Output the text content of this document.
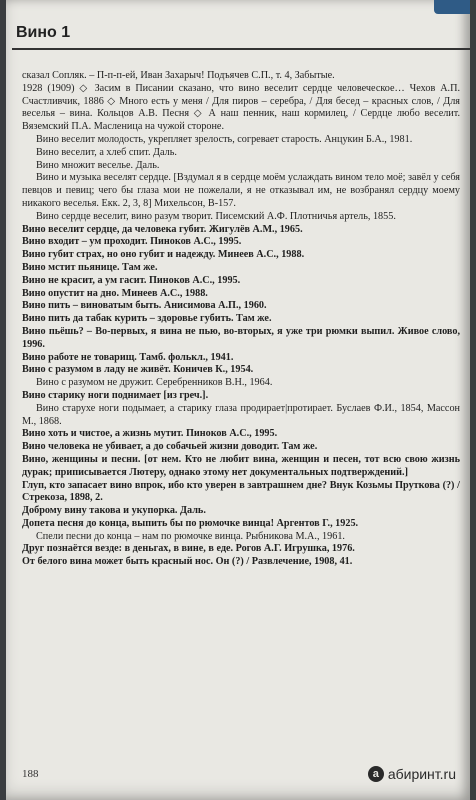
Вино 1

сказал Сопляк. – П-п-п-ей, Иван Захарыч! Подъячев С.П., т. 4, Забытые.

1928 (1909) ◇ Засим в Писании сказано, что вино веселит сердце человеческое… Чехов А.П. Счастливчик, 1886 ◇ Много есть у меня / Для пиров – серебра, / Для бесед – красных слов, / Для веселья – вина. Кольцов А.В. Песня ◇ А наш пенник, наш кормилец, / Сердце любо веселит. Вяземский П.А. Масленица на чужой стороне.

Вино веселит молодость, укрепляет зрелость, согревает старость. Анцукин Б.А., 1981.

Вино веселит, а хлеб спит. Даль.

Вино множит веселье. Даль.

Вино и музыка веселят сердце. [Вздумал я в сердце моём услаждать вином тело моё; завёл у себя певцов и певиц; чего бы глаза мои не пожелали, я не отказывал им, не возбранял сердцу моему никакого веселья. Екк. 2, 3, 8] Михельсон, В-157.

Вино сердце веселит, вино разум творит. Писемский А.Ф. Плотничья артель, 1855.

Вино веселит сердце, да человека губит. Жигулёв А.М., 1965.

Вино входит – ум проходит. Пиноков А.С., 1995.

Вино губит страх, но оно губит и надежду. Минеев А.С., 1988.

Вино мстит пьянице. Там же.

Вино не красит, а ум гасит. Пиноков А.С., 1995.

Вино опустит на дно. Минеев А.С., 1988.

Вино пить – виноватым быть. Анисимова А.П., 1960.

Вино пить да табак курить – здоровье губить. Там же.

Вино пьёшь? – Во-первых, я вина не пью, во-вторых, я уже три рюмки выпил. Живое слово, 1996.

Вино работе не товарищ. Тамб. фолькл., 1941.

Вино с разумом в ладу не живёт. Коничев К., 1954.

Вино с разумом не дружит. Серебренников В.Н., 1964.

Вино старику ноги поднимает [из греч.].

Вино старухе ноги подымает, а старику глаза продирает|протирает. Буслаев Ф.И., 1854, Массон М., 1868.

Вино хоть и чистое, а жизнь мутит. Пиноков А.С., 1995.

Вино человека не убивает, а до собачьей жизни доводит. Там же.

Вино, женщины и песни. [от нем. Кто не любит вина, женщин и песен, тот всю свою жизнь дурак; приписывается Лютеру, однако этому нет документальных подтверждений.]

Глуп, кто запасает вино впрок, ибо кто уверен в завтрашнем дне? Внук Козьмы Пруткова (?) / Стрекоза, 1898, 2.

Доброму вину такова и укупорка. Даль.

Допета песня до конца, выпить бы по рюмочке винца! Аргентов Г., 1925.

Спели песни до конца – нам по рюмочке винца. Рыбникова М.А., 1961.

Друг познаётся везде: в деньгах, в вине, в еде. Рогов А.Г. Игрушка, 1976.

От белого вина может быть красный нос. Он (?) / Развлечение, 1908, 41.

188	a абиринт.ru
